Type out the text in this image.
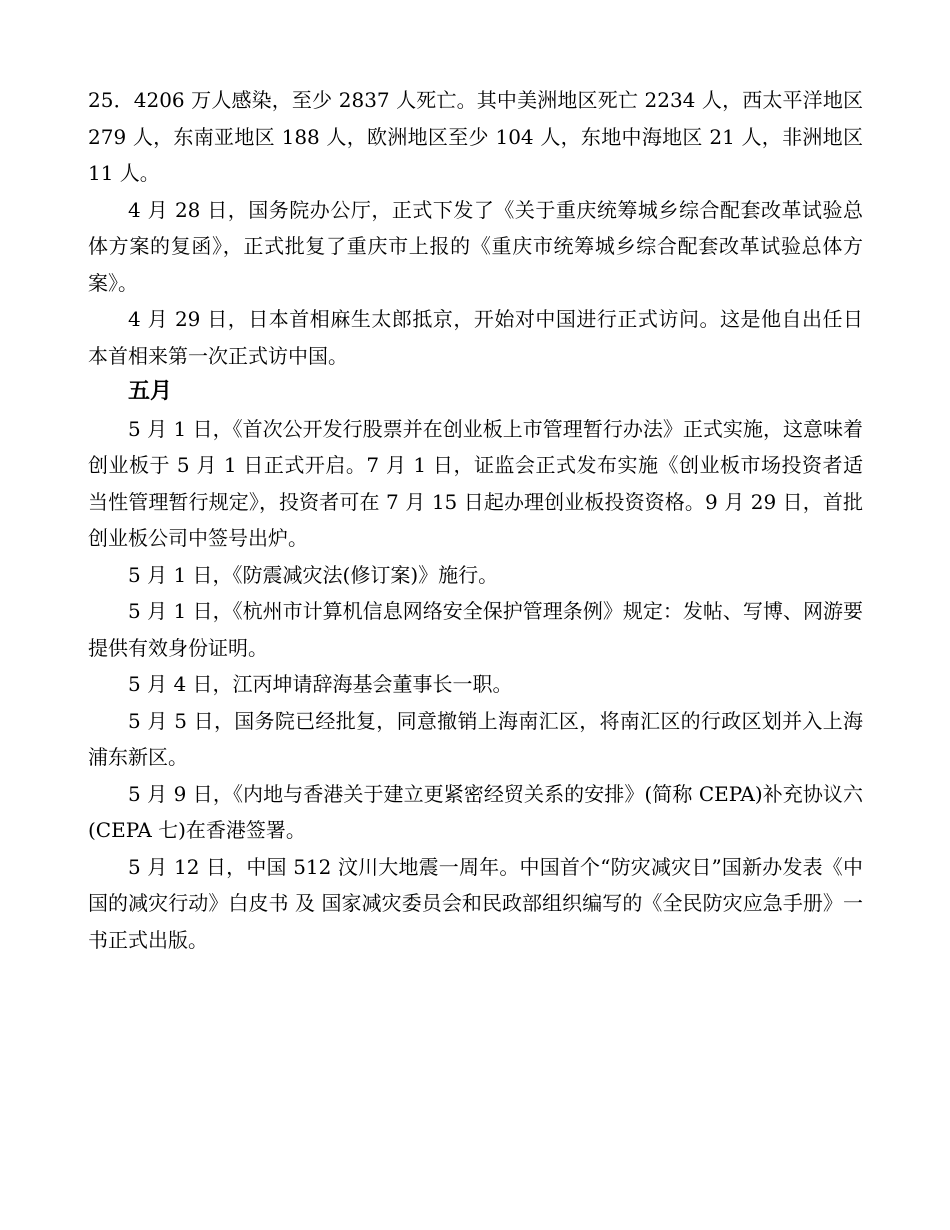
25．4206 万人感染，至少 2837 人死亡。其中美洲地区死亡 2234 人，西太平洋地区 279 人，东南亚地区 188 人，欧洲地区至少 104 人，东地中海地区 21 人，非洲地区 11 人。

4 月 28 日，国务院办公厅，正式下发了《关于重庆统筹城乡综合配套改革试验总体方案的复函》，正式批复了重庆市上报的《重庆市统筹城乡综合配套改革试验总体方案》。

4 月 29 日，日本首相麻生太郎抵京，开始对中国进行正式访问。这是他自出任日本首相来第一次正式访中国。

五月

5 月 1 日，《首次公开发行股票并在创业板上市管理暂行办法》正式实施，这意味着创业板于 5 月 1 日正式开启。7 月 1 日，证监会正式发布实施《创业板市场投资者适当性管理暂行规定》，投资者可在 7 月 15 日起办理创业板投资资格。9 月 29 日，首批创业板公司中签号出炉。

5 月 1 日，《防震减灾法(修订案)》施行。

5 月 1 日，《杭州市计算机信息网络安全保护管理条例》规定：发帖、写博、网游要提供有效身份证明。

5 月 4 日，江丙坤请辞海基会董事长一职。

5 月 5 日，国务院已经批复，同意撤销上海南汇区，将南汇区的行政区划并入上海浦东新区。

5 月 9 日，《内地与香港关于建立更紧密经贸关系的安排》(简称 CEPA)补充协议六(CEPA 七)在香港签署。

5 月 12 日，中国 512 汶川大地震一周年。中国首个“防灾减灾日”国新办发表《中国的减灾行动》白皮书 及 国家减灾委员会和民政部组织编写的《全民防灾应急手册》一书正式出版。
